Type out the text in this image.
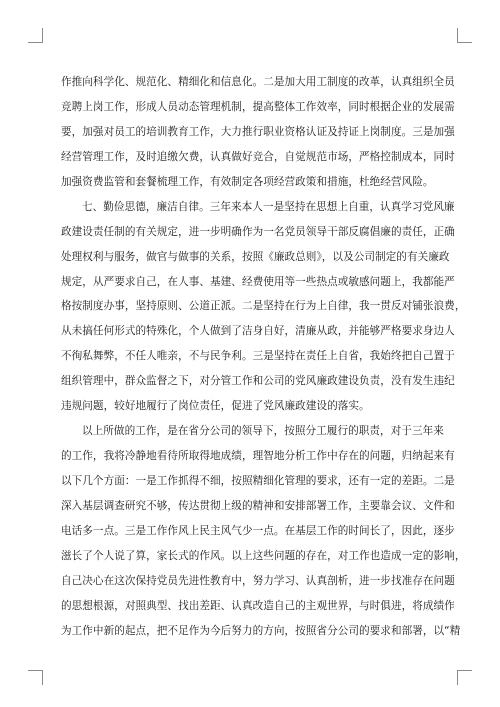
作推向科学化、规范化、精细化和信息化。二是加大用工制度的改革，认真组织全员
竞聘上岗工作，形成人员动态管理机制，提高整体工作效率，同时根据企业的发展需
要，加强对员工的培训教育工作，大力推行职业资格认证及持证上岗制度。三是加强
经营管理工作，及时追缴欠费，认真做好竞合，自觉规范市场，严格控制成本，同时
加强资费监管和套餐梳理工作，有效制定各项经营政策和措施，杜绝经营风险。
七、勤俭思德，廉洁自律。三年来本人一是坚持在思想上自重，认真学习党风廉
政建设责任制的有关规定，进一步明确作为一名党员领导干部反腐倡廉的责任，正确
处理权利与服务，做官与做事的关系，按照《廉政总则》，以及公司制定的有关廉政
规定，从严要求自己，在人事、基建、经费使用等一些热点或敏感问题上，我都能严
格按制度办事，坚持原则、公道正派。二是坚持在行为上自律，我一贯反对铺张浪费，
从未搞任何形式的特殊化，个人做到了洁身自好，清廉从政，并能够严格要求身边人
不徇私舞弊，不任人唯亲，不与民争利。三是坚持在责任上自省，我始终把自己置于
组织管理中，群众监督之下，对分管工作和公司的党风廉政建设负责，没有发生违纪
违规问题，较好地履行了岗位责任，促进了党风廉政建设的落实。
以上所做的工作，是在省分公司的领导下，按照分工履行的职责，对于三年来
的工作，我将冷静地看待所取得地成绩，理智地分析工作中存在的问题，归纳起来有
以下几个方面：一是工作抓得不细，按照精细化管理的要求，还有一定的差距。二是
深入基层调查研究不够，传达贯彻上级的精神和安排部署工作，主要靠会议、文件和
电话多一点。三是工作作风上民主风气少一点。在基层工作的时间长了，因此，逐步
滋长了个人说了算，家长式的作风。以上这些问题的存在，对工作也造成一定的影响，
自己决心在这次保持党员先进性教育中，努力学习、认真剖析，进一步找准存在问题
的思想根源，对照典型、找出差距、认真改造自己的主观世界，与时俱进，将成绩作
为工作中新的起点，把不足作为今后努力的方向，按照省分公司的要求和部署，以“精
